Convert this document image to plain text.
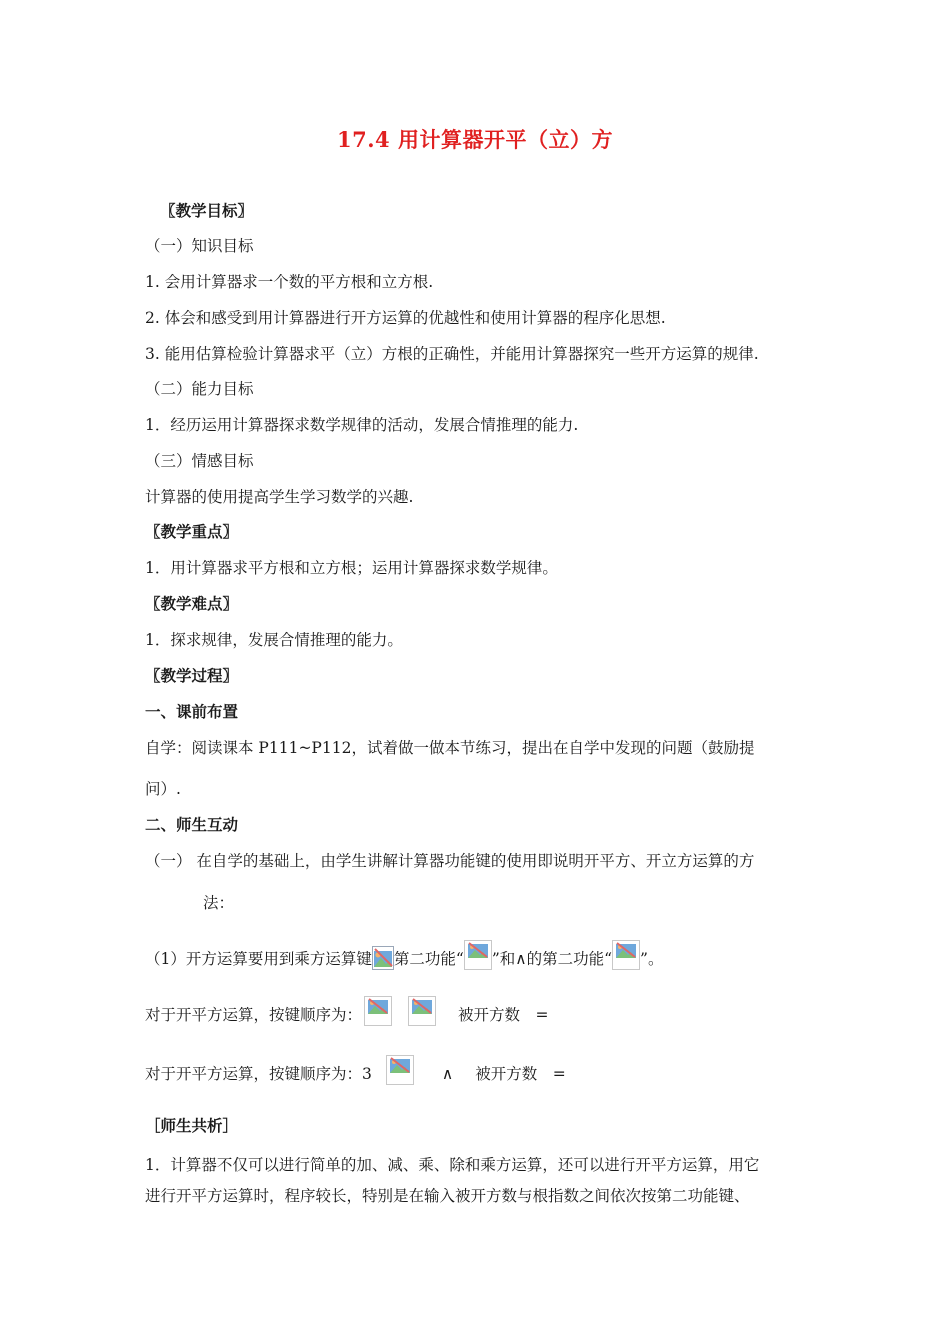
17.4 用计算器开平（立）方
〖教学目标〗
（一）知识目标
1. 会用计算器求一个数的平方根和立方根.
2. 体会和感受到用计算器进行开方运算的优越性和使用计算器的程序化思想.
3. 能用估算检验计算器求平（立）方根的正确性，并能用计算器探究一些开方运算的规律.
（二）能力目标
1．经历运用计算器探求数学规律的活动，发展合情推理的能力.
（三）情感目标
计算器的使用提高学生学习数学的兴趣.
〖教学重点〗
1．用计算器求平方根和立方根；运用计算器探求数学规律。
〖教学难点〗
1．探求规律，发展合情推理的能力。
〖教学过程〗
一、课前布置
自学：阅读课本 P111~P112，试着做一做本节练习，提出在自学中发现的问题（鼓励提
问）.
二、师生互动
（一） 在自学的基础上，由学生讲解计算器功能键的使用即说明开平方、开立方运算的方
法：
（1）开方运算要用到乘方运算键 第二功能“ ”和∧的第二功能“ ”。
对于开平方运算，按键顺序为：	被开方数　=
对于开平方运算，按键顺序为：3	∧ 被开方数　=
［师生共析］
1．计算器不仅可以进行简单的加、减、乘、除和乘方运算，还可以进行开平方运算，用它
进行开平方运算时，程序较长，特别是在输入被开方数与根指数之间依次按第二功能键、
